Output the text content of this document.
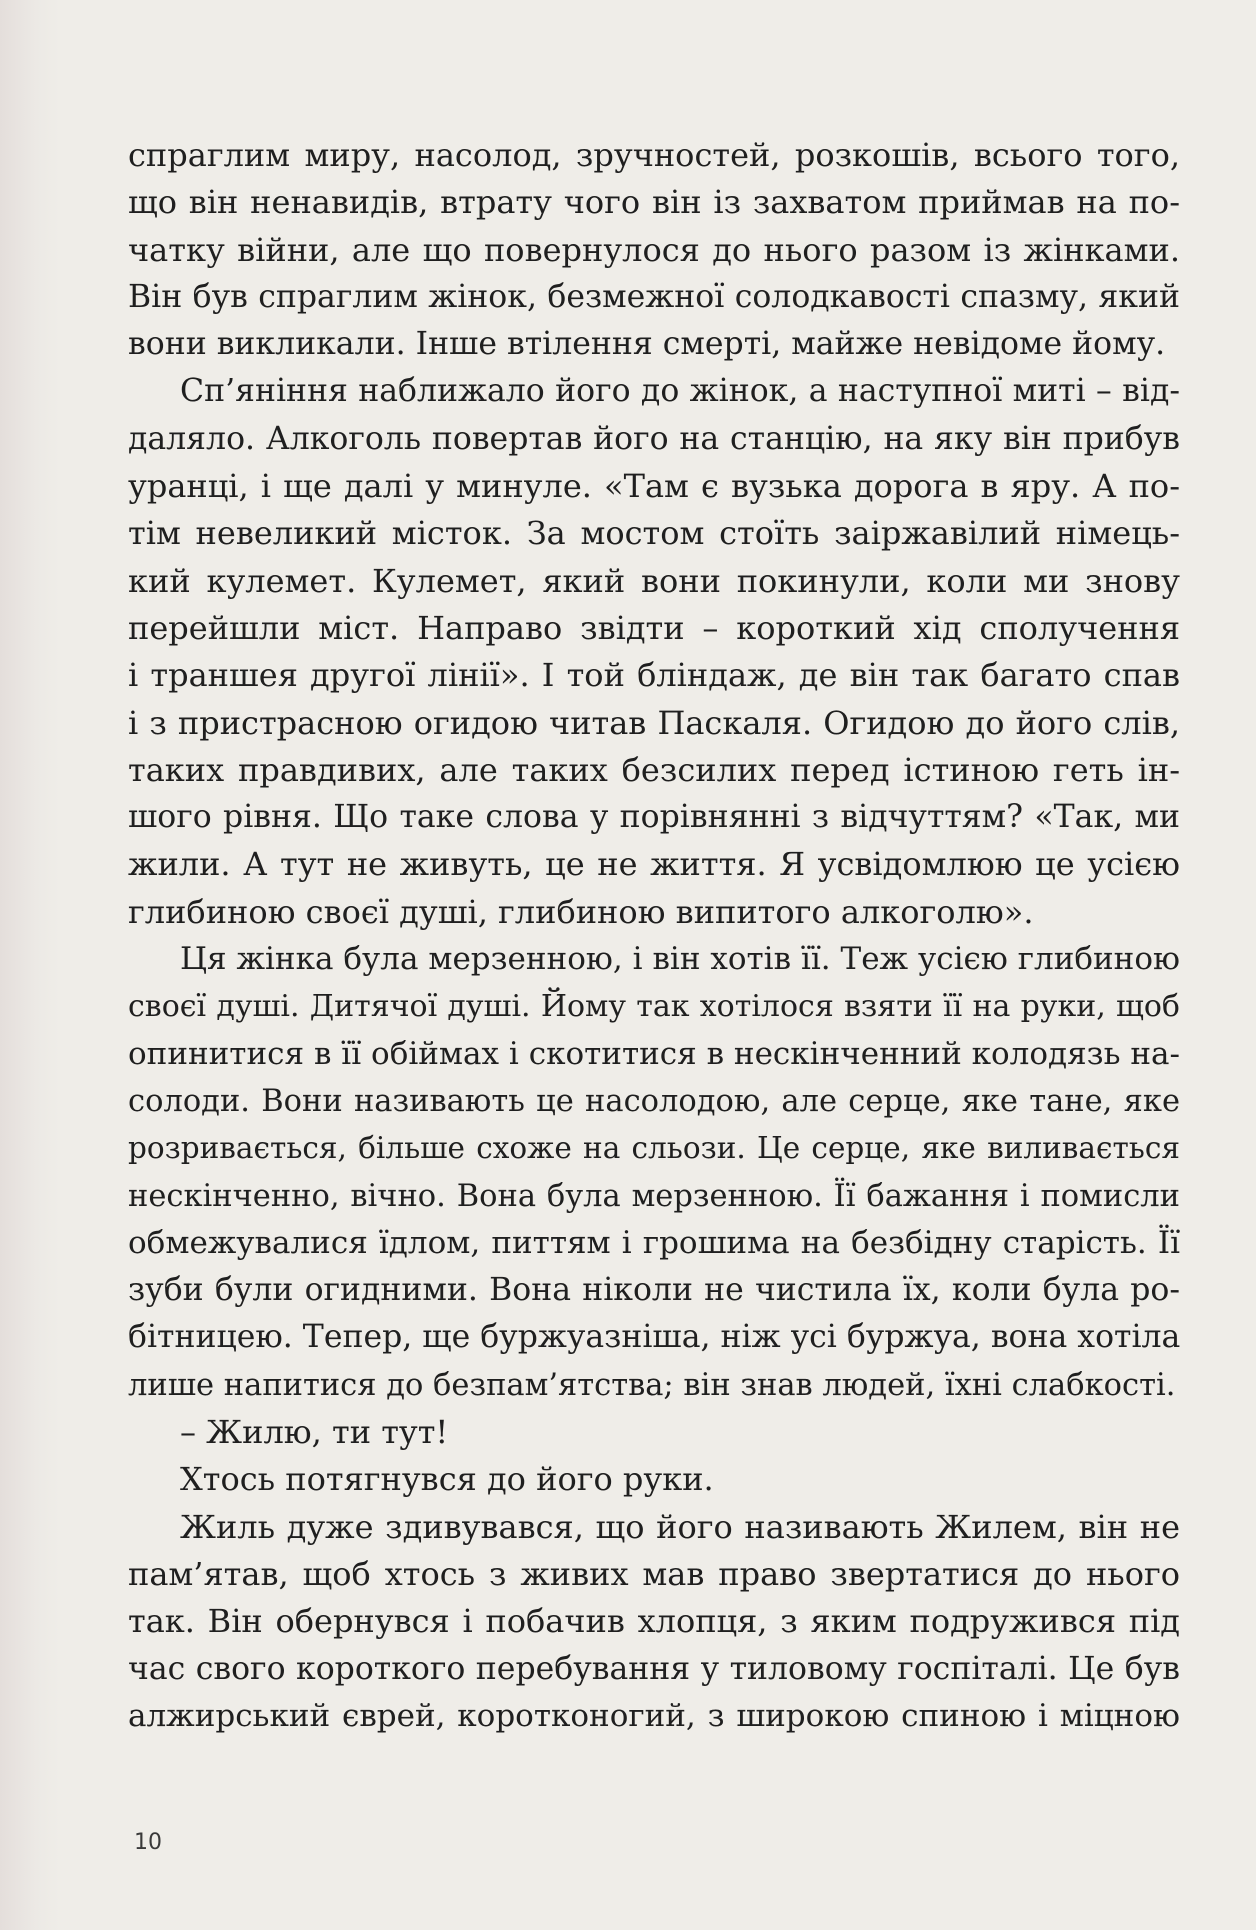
спраглим миру, насолод, зручностей, розкошів, всього того,
що він ненавидів, втрату чого він із захватом приймав на по-
чатку війни, але що повернулося до нього разом із жінками.
Він був спраглим жінок, безмежної солодкавості спазму, який
вони викликали. Інше втілення смерті, майже невідоме йому.
Сп’яніння наближало його до жінок, а наступної миті – від-
даляло. Алкоголь повертав його на станцію, на яку він прибув
уранці, і ще далі у минуле. «Там є вузька дорога в яру. А по-
тім невеликий місток. За мостом стоїть заіржавілий німець-
кий кулемет. Кулемет, який вони покинули, коли ми знову
перейшли міст. Направо звідти – короткий хід сполучення
і траншея другої лінії». І той бліндаж, де він так багато спав
і з пристрасною огидою читав Паскаля. Огидою до його слів,
таких правдивих, але таких безсилих перед істиною геть ін-
шого рівня. Що таке слова у порівнянні з відчуттям? «Так, ми
жили. А тут не живуть, це не життя. Я усвідомлюю це усією
глибиною своєї душі, глибиною випитого алкоголю».
Ця жінка була мерзенною, і він хотів її. Теж усією глибиною
своєї душі. Дитячої душі. Йому так хотілося взяти її на руки, щоб
опинитися в її обіймах і скотитися в нескінченний колодязь на-
солоди. Вони називають це насолодою, але серце, яке тане, яке
розривається, більше схоже на сльози. Це серце, яке виливається
нескінченно, вічно. Вона була мерзенною. Її бажання і помисли
обмежувалися їдлом, питтям і грошима на безбідну старість. Її
зуби були огидними. Вона ніколи не чистила їх, коли була ро-
бітницею. Тепер, ще буржуазніша, ніж усі буржуа, вона хотіла
лише напитися до безпам’ятства; він знав людей, їхні слабкості.
– Жилю, ти тут!
Хтось потягнувся до його руки.
Жиль дуже здивувався, що його називають Жилем, він не
пам’ятав, щоб хтось з живих мав право звертатися до нього
так. Він обернувся і побачив хлопця, з яким подружився під
час свого короткого перебування у тиловому госпіталі. Це був
алжирський єврей, коротконогий, з широкою спиною і міцною
10
